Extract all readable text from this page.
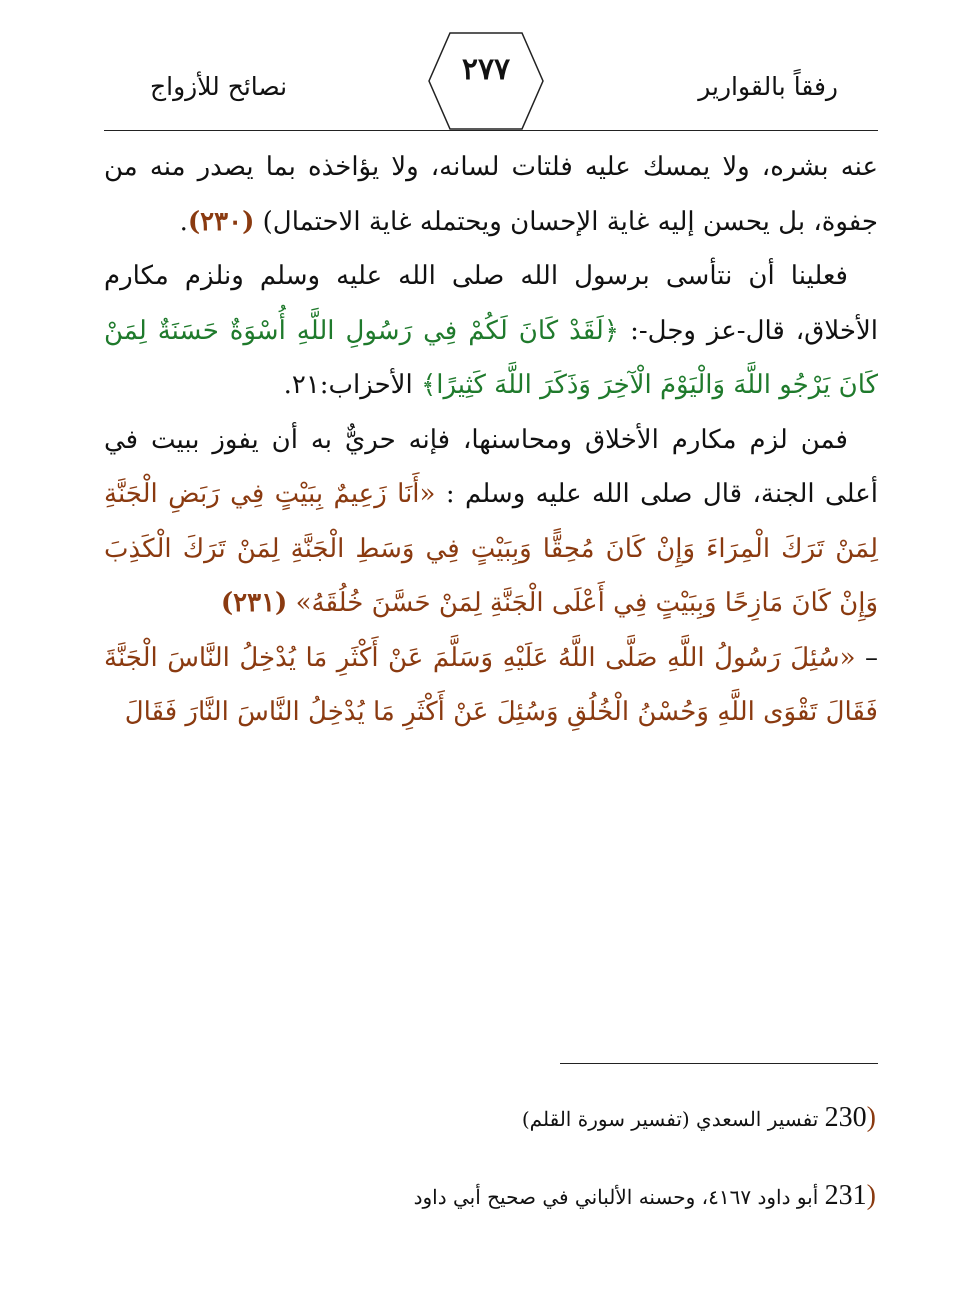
رفقاً بالقوارير
٢٧٧
نصائح للأزواج

عنه بشره، ولا يمسك عليه فلتات لسانه، ولا يؤاخذه بما يصدر منه من جفوة، بل يحسن إليه غاية الإحسان ويحتمله غاية الاحتمال) (٢٣٠).

فعلينا أن نتأسى برسول الله صلى الله عليه وسلم ونلزم مكارم الأخلاق، قال-عز وجل-: ﴿لَقَدْ كَانَ لَكُمْ فِي رَسُولِ اللَّهِ أُسْوَةٌ حَسَنَةٌ لِمَنْ كَانَ يَرْجُو اللَّهَ وَالْيَوْمَ الْآخِرَ وَذَكَرَ اللَّهَ كَثِيرًا﴾ الأحزاب:٢١.

فمن لزم مكارم الأخلاق ومحاسنها، فإنه حريٌّ به أن يفوز ببيت في أعلى الجنة، قال صلى الله عليه وسلم : «أَنَا زَعِيمٌ بِبَيْتٍ فِي رَبَضِ الْجَنَّةِ لِمَنْ تَرَكَ الْمِرَاءَ وَإِنْ كَانَ مُحِقًّا وَبِبَيْتٍ فِي وَسَطِ الْجَنَّةِ لِمَنْ تَرَكَ الْكَذِبَ وَإِنْ كَانَ مَازِحًا وَبِبَيْتٍ فِي أَعْلَى الْجَنَّةِ لِمَنْ حَسَّنَ خُلُقَهُ» (٢٣١)

– «سُئِلَ رَسُولُ اللَّهِ صَلَّى اللَّهُ عَلَيْهِ وَسَلَّمَ عَنْ أَكْثَرِ مَا يُدْخِلُ النَّاسَ الْجَنَّةَ فَقَالَ تَقْوَى اللَّهِ وَحُسْنُ الْخُلُقِ وَسُئِلَ عَنْ أَكْثَرِ مَا يُدْخِلُ النَّاسَ النَّارَ فَقَالَ

(230 تفسير السعدي (تفسير سورة القلم)
(231 أبو داود ٤١٦٧، وحسنه الألباني في صحيح أبي داود
